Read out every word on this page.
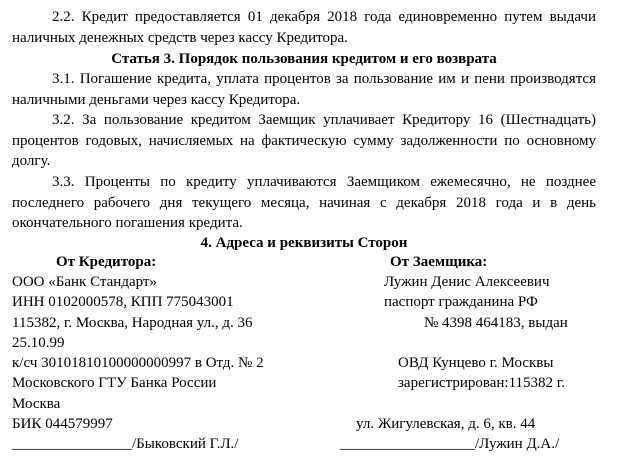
2.2. Кредит предоставляется 01 декабря 2018 года единовременно путем выдачи наличных денежных средств через кассу Кредитора.

Статья 3. Порядок пользования кредитом и его возврата

3.1. Погашение кредита, уплата процентов за пользование им и пени производятся наличными деньгами через кассу Кредитора.

3.2. За пользование кредитом Заемщик уплачивает Кредитору 16 (Шестнадцать) процентов годовых, начисляемых на фактическую сумму задолженности по основному долгу.

3.3. Проценты по кредиту уплачиваются Заемщиком ежемесячно, не позднее последнего рабочего дня текущего месяца, начиная с декабря 2018 года и в день окончательного погашения кредита.

4. Адреса и реквизиты Сторон

От Кредитора:
ООО «Банк Стандарт»
ИНН 0102000578, КПП 775043001
115382, г. Москва, Народная ул., д. 36
25.10.99
к/сч 30101810100000000997 в Отд. № 2
Московского ГТУ Банка России
Москва
БИК 044579997
________________/Быковский Г.Л./
От Заемщика:
Лужин Денис Алексеевич
паспорт гражданина РФ
№ 4398 464183, выдан
ОВД Кунцево г. Москвы
зарегистрирован:115382 г.
ул. Жигулевская, д. 6, кв. 44
__________________/Лужин Д.А./
